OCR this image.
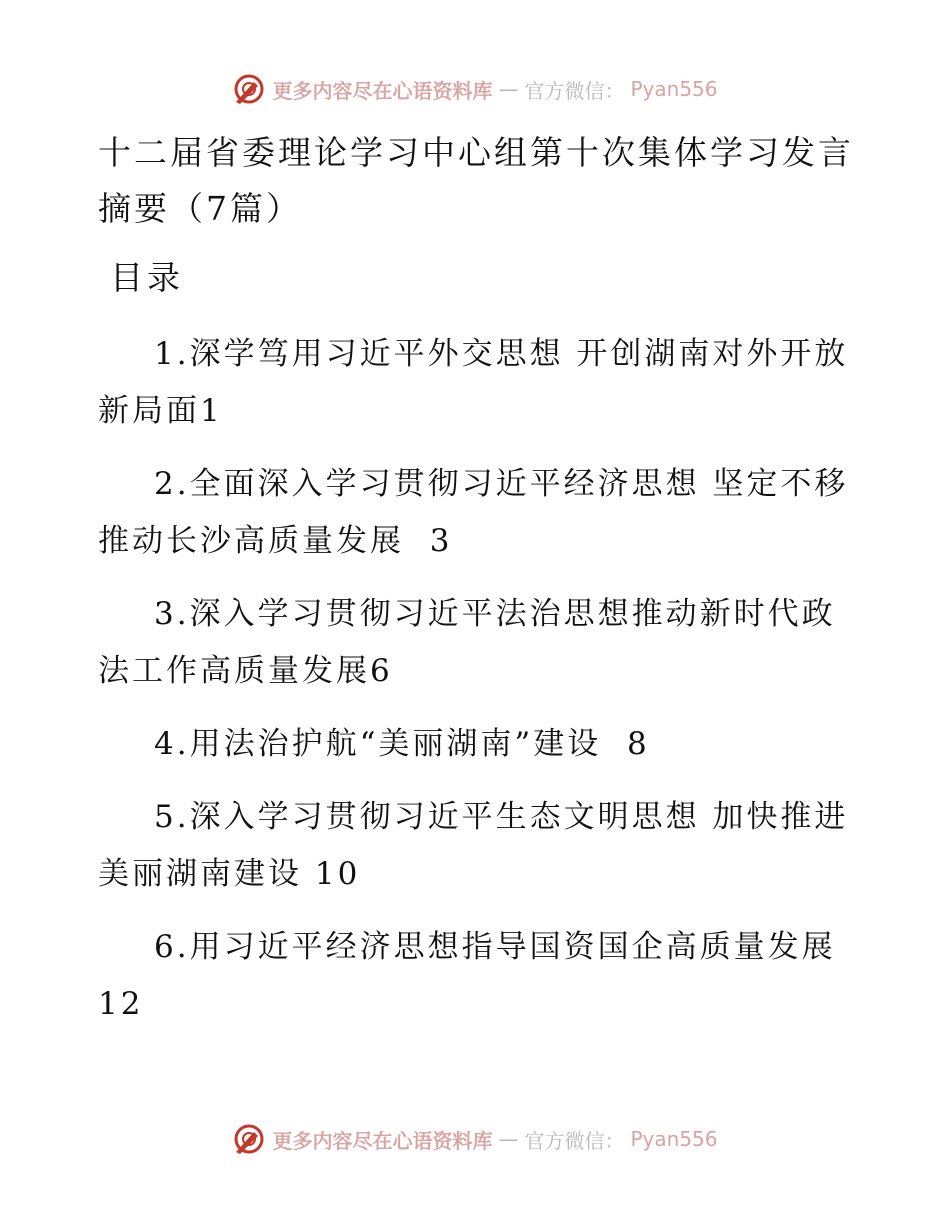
更多内容尽在心语资料库 — 官方微信： Pyan556
十二届省委理论学习中心组第十次集体学习发言摘要（7篇）
目录
1.深学笃用习近平外交思想 开创湖南对外开放新局面1
2.全面深入学习贯彻习近平经济思想 坚定不移推动长沙高质量发展 3
3.深入学习贯彻习近平法治思想推动新时代政法工作高质量发展6
4.用法治护航“美丽湖南”建设 8
5.深入学习贯彻习近平生态文明思想 加快推进美丽湖南建设 10
6.用习近平经济思想指导国资国企高质量发展 12
更多内容尽在心语资料库 — 官方微信： Pyan556
